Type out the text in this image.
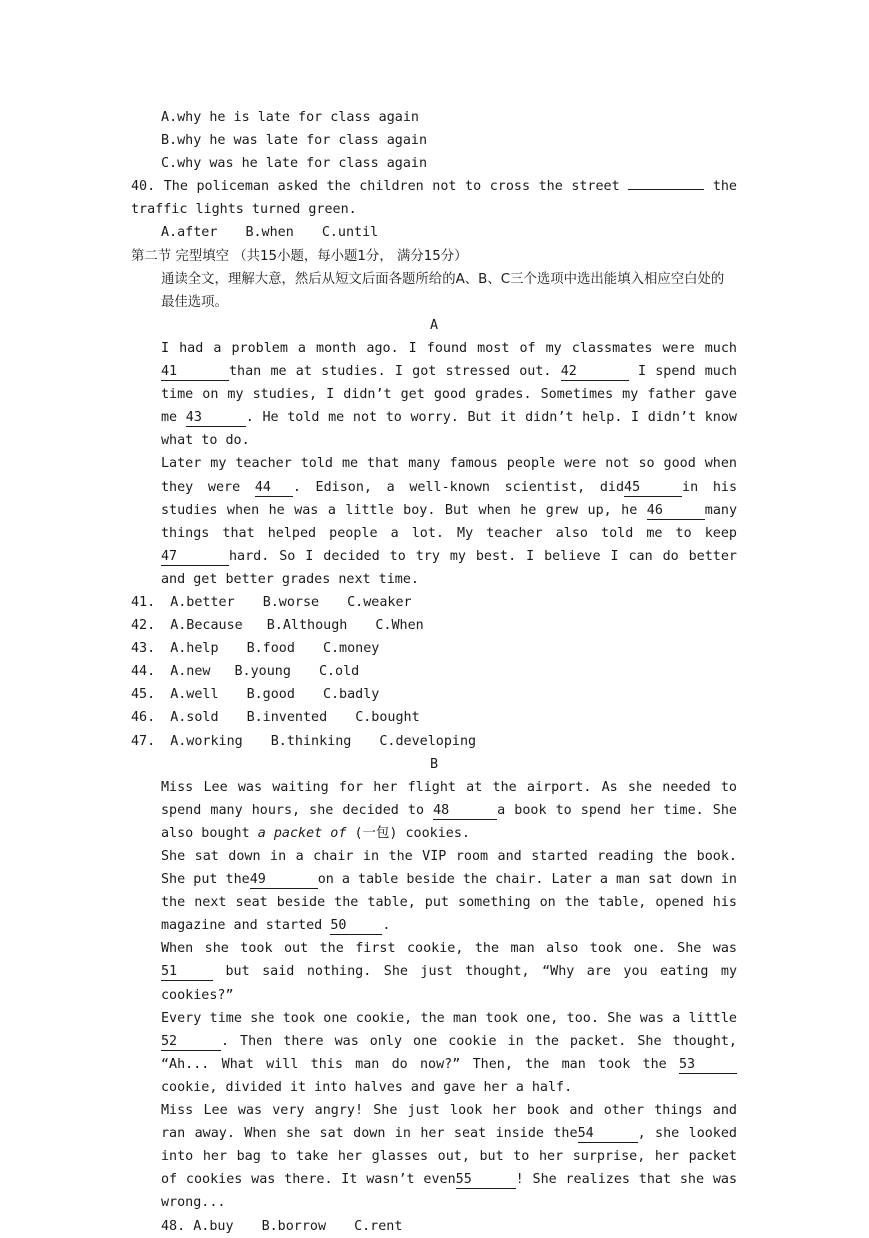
A.why he is late for class again

B.why he was late for class again

C.why was he late for class again

40. The policeman asked the children not to cross the street	the traffic lights turned green.

A.after B.when C.until

第二节 完型填空 （共15小题，每小题1分， 满分15分）

通读全文，理解大意，然后从短文后面各题所给的A、B、C三个选项中选出能填入相应空白处的最佳选项。

A

I had a problem a month ago. I found most of my classmates were much41	than me at studies. I got stressed out. 42	I spend much time on my studies, I didn’t get good grades. Sometimes my father gave me 43	. He told me not to worry. But it didn’t help. I didn’t know what to do.

Later my teacher told me that many famous people were not so good when they were 44 . Edison, a well-known scientist, did45	in his studies when he was a little boy. But when he grew up, he 46	many things that helped people a lot. My teacher also told me to keep47	hard. So I decided to try my best. I believe I can do better and get better grades next time.

41. A.better B.worse C.weaker

42. A.Because B.Although C.When

43. A.help B.food C.money

44. A.new B.young C.old

45. A.well B.good C.badly

46. A.sold B.invented C.bought

47. A.working B.thinking C.developing

B

Miss Lee was waiting for her flight at the airport. As she needed to spend many hours, she decided to 48	a book to spend her time. She also bought a packet of (一包) cookies.

She sat down in a chair in the VIP room and started reading the book. She put the49	on a table beside the chair. Later a man sat down in the next seat beside the table, put something on the table, opened his magazine and started 50	.

When she took out the first cookie, the man also took one. She was 51	but said nothing. She just thought, “Why are you eating my cookies?”

Every time she took one cookie, the man took one, too. She was a little 52	. Then there was only one cookie in the packet. She thought, “Ah... What will this man do now?” Then, the man took the 53 cookie, divided it into halves and gave her a half.

Miss Lee was very angry! She just look her book and other things and ran away. When she sat down in her seat inside the54	, she looked into her bag to take her glasses out, but to her surprise, her packet of cookies was there. It wasn’t even55	! She realizes that she was wrong...

48. A.buy B.borrow C.rent
